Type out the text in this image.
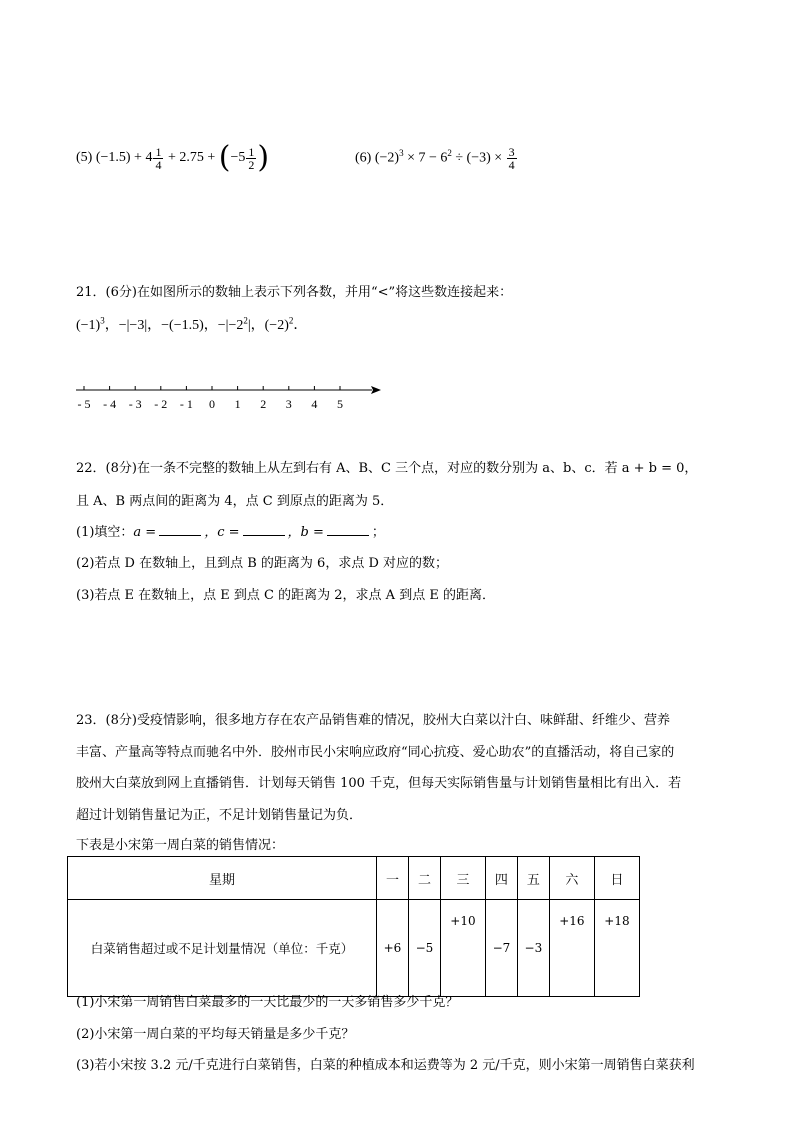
(5) $(-1.5) + 4 \frac{1}{4} + 2.75 + (-5 \frac{1}{2}$ )	(6) $(-2)^3 \times 7 - 6^2 \div (-3) \times \frac{3}{4}$
21．(6分)在如图所示的数轴上表示下列各数，并用“<”将这些数连接起来：
$(-1)^3$，−|−3|，−(−1.5)，$-|-2^2|$，$(-2)^2$．
- 5 - 4 - 3 - 2 - 1 0 1 2 3 4 5
22．(8分)在一条不完整的数轴上从左到右有 A、B、C 三个点，对应的数分别为 a、b、c．若 a + b = 0，
且 A、B 两点间的距离为 4，点 C 到原点的距离为 5．
(1)填空：a =	，c =	，b =	；
(2)若点 D 在数轴上，且到点 B 的距离为 6，求点 D 对应的数；
(3)若点 E 在数轴上，点 E 到点 C 的距离为 2，求点 A 到点 E 的距离．
23．(8分)受疫情影响，很多地方存在农产品销售难的情况，胶州大白菜以汁白、味鲜甜、纤维少、营养
丰富、产量高等特点而驰名中外．胶州市民小宋响应政府“同心抗疫、爱心助农”的直播活动，将自己家的
胶州大白菜放到网上直播销售．计划每天销售 100 千克，但每天实际销售量与计划销售量相比有出入．若
超过计划销售量记为正，不足计划销售量记为负．
下表是小宋第一周白菜的销售情况：
星期	一	二	三	四	五	六	日
白菜销售超过或不足计划量情况（单位：千克）	+6	−5	+10	−7	−3	+16	+18
(1)小宋第一周销售白菜最多的一天比最少的一天多销售多少千克？
(2)小宋第一周白菜的平均每天销量是多少千克？
(3)若小宋按 3.2 元/千克进行白菜销售，白菜的种植成本和运费等为 2 元/千克，则小宋第一周销售白菜获利
